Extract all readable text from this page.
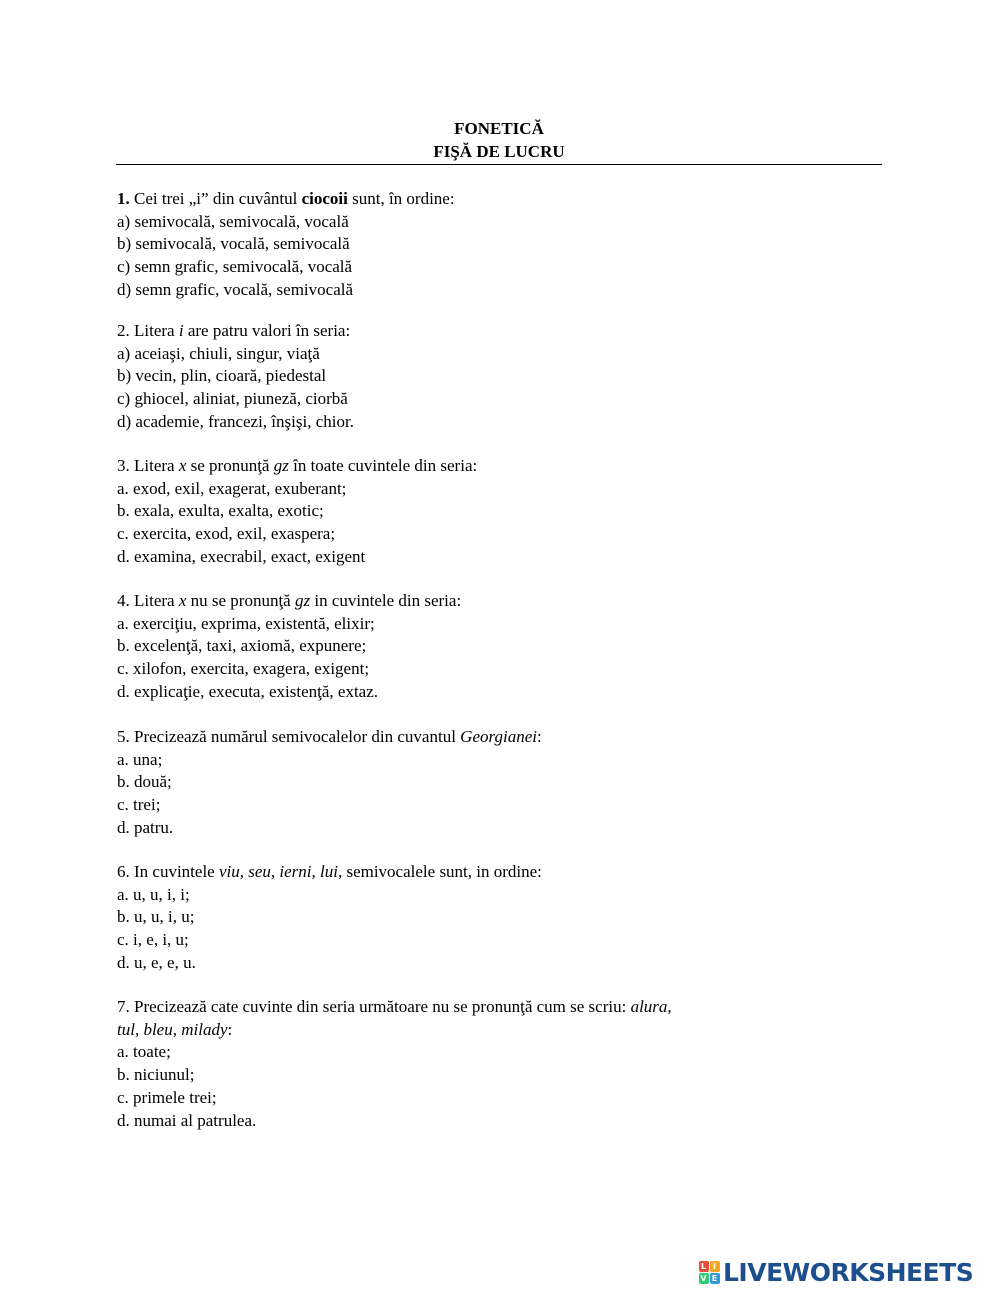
FONETICĂ
FIŞĂ DE LUCRU

1. Cei trei „i” din cuvântul ciocoii sunt, în ordine:

a) semivocală, semivocală, vocală

b) semivocală, vocală, semivocală

c) semn grafic, semivocală, vocală

d) semn grafic, vocală, semivocală

2. Litera i are patru valori în seria:

a) aceiaşi, chiuli, singur, viaţă

b) vecin, plin, cioară, piedestal

c) ghiocel, aliniat, piuneză, ciorbă

d) academie, francezi, înşişi, chior.

3. Litera x se pronunţă gz în toate cuvintele din seria:

a. exod, exil, exagerat, exuberant;

b. exala, exulta, exalta, exotic;

c. exercita, exod, exil, exaspera;

d. examina, execrabil, exact, exigent

4. Litera x nu se pronunţă gz in cuvintele din seria:

a. exerciţiu, exprima, existentă, elixir;

b. excelenţă, taxi, axiomă, expunere;

c. xilofon, exercita, exagera, exigent;

d. explicaţie, executa, existenţă, extaz.

5. Precizează numărul semivocalelor din cuvantul Georgianei:

a. una;

b. două;

c. trei;

d. patru.

6. In cuvintele viu, seu, ierni, lui, semivocalele sunt, in ordine:

a. u, u, i, i;

b. u, u, i, u;

c. i, e, i, u;

d. u, e, e, u.

7. Precizează cate cuvinte din seria următoare nu se pronunţă cum se scriu: alura,

tul, bleu, milady:

a. toate;

b. niciunul;

c. primele trei;

d. numai al patrulea.

L I
V E LIVEWORKSHEETS
